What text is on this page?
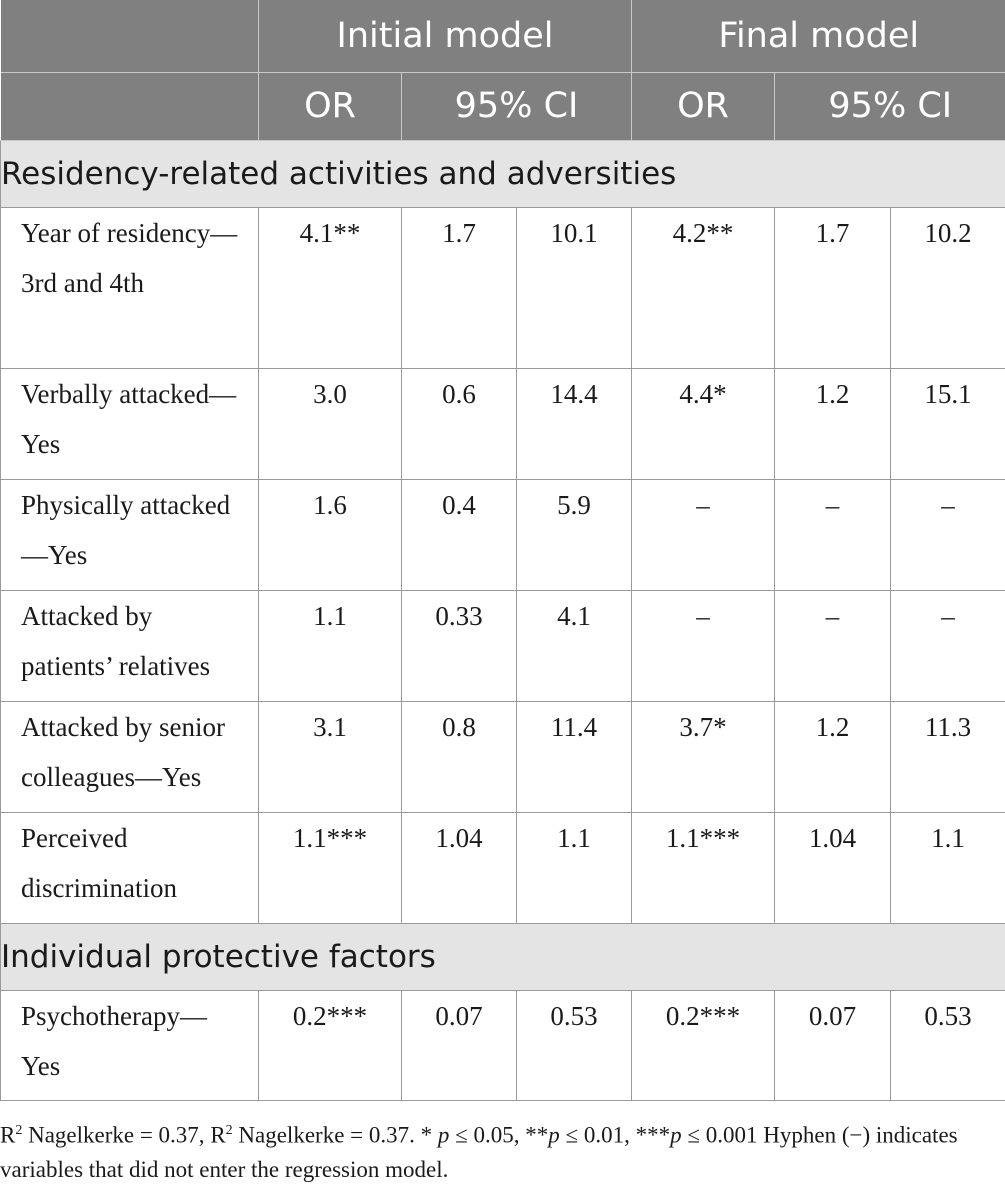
	Initial model			Final model		
	OR	95% CI		OR	95% CI	
Residency-related activities and adversities						
Year of residency—3rd and 4th	4.1**	1.7	10.1	4.2**	1.7	10.2
Verbally attacked—Yes	3.0	0.6	14.4	4.4*	1.2	15.1
Physically attacked—Yes	1.6	0.4	5.9	–	–	–
Attacked by patients’ relatives	1.1	0.33	4.1	–	–	–
Attacked by senior colleagues—Yes	3.1	0.8	11.4	3.7*	1.2	11.3
Perceived discrimination	1.1***	1.04	1.1	1.1***	1.04	1.1
Individual protective factors						
Psychotherapy—Yes	0.2***	0.07	0.53	0.2***	0.07	0.53
$R^2$ Nagelkerke = 0.37, $R^2$ Nagelkerke = 0.37. * p ≤ 0.05, **p ≤ 0.01, ***p ≤ 0.001 Hyphen (−) indicates variables that did not enter the regression model.
